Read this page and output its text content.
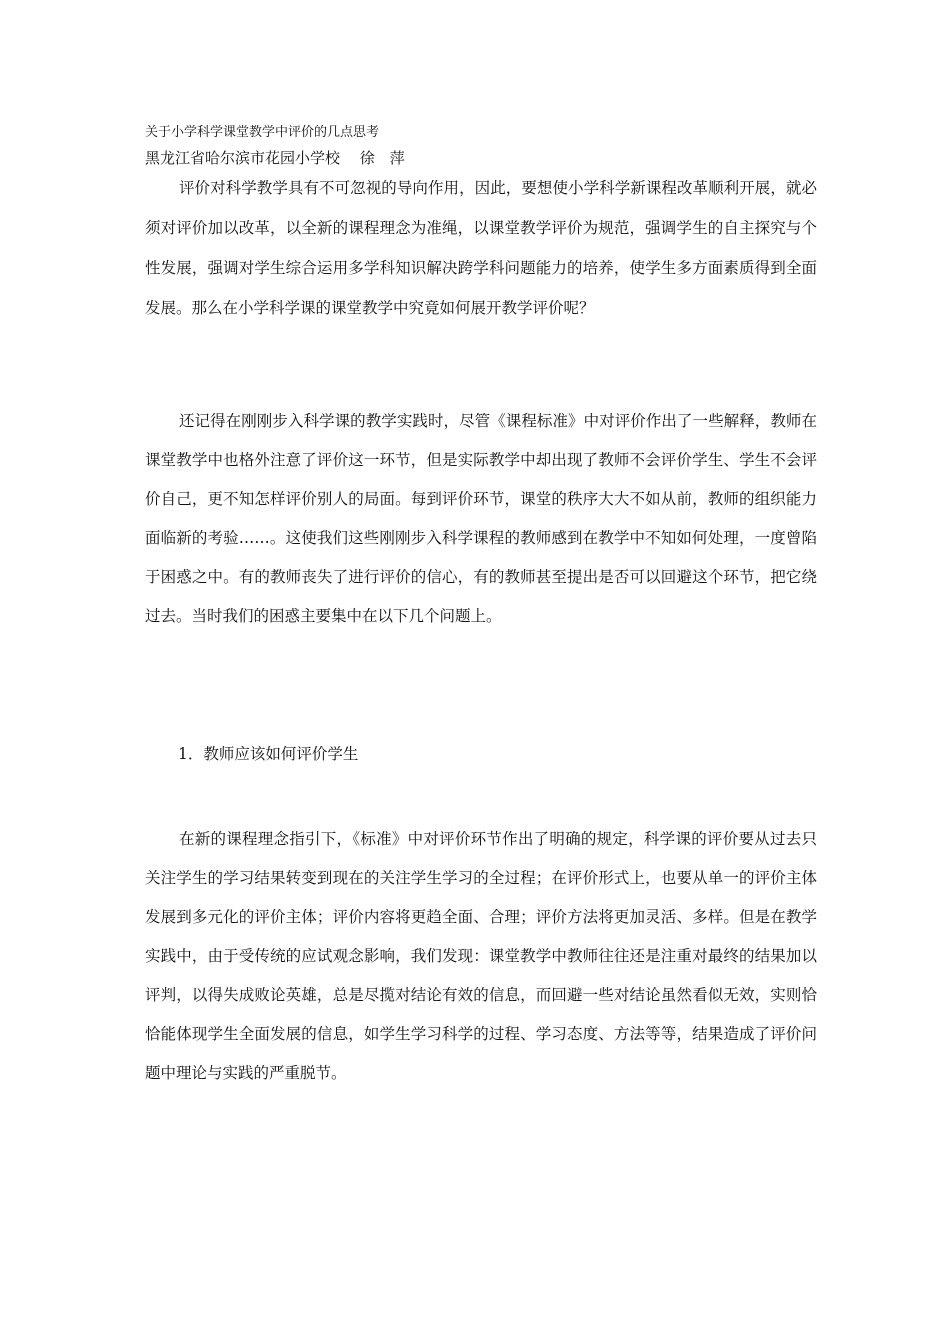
关于小学科学课堂教学中评价的几点思考
黑龙江省哈尔滨市花园小学校　 徐　萍

评价对科学教学具有不可忽视的导向作用，因此，要想使小学科学新课程改革顺利开展，就必须对评价加以改革，以全新的课程理念为准绳，以课堂教学评价为规范，强调学生的自主探究与个性发展，强调对学生综合运用多学科知识解决跨学科问题能力的培养，使学生多方面素质得到全面发展。那么在小学科学课的课堂教学中究竟如何展开教学评价呢？

还记得在刚刚步入科学课的教学实践时，尽管《课程标准》中对评价作出了一些解释，教师在课堂教学中也格外注意了评价这一环节，但是实际教学中却出现了教师不会评价学生、学生不会评价自己，更不知怎样评价别人的局面。每到评价环节，课堂的秩序大大不如从前，教师的组织能力面临新的考验……。这使我们这些刚刚步入科学课程的教师感到在教学中不知如何处理，一度曾陷于困惑之中。有的教师丧失了进行评价的信心，有的教师甚至提出是否可以回避这个环节，把它绕过去。当时我们的困惑主要集中在以下几个问题上。

1．教师应该如何评价学生

在新的课程理念指引下，《标准》中对评价环节作出了明确的规定，科学课的评价要从过去只关注学生的学习结果转变到现在的关注学生学习的全过程；在评价形式上，也要从单一的评价主体发展到多元化的评价主体；评价内容将更趋全面、合理；评价方法将更加灵活、多样。但是在教学实践中，由于受传统的应试观念影响，我们发现：课堂教学中教师往往还是注重对最终的结果加以评判，以得失成败论英雄，总是尽揽对结论有效的信息，而回避一些对结论虽然看似无效，实则恰恰能体现学生全面发展的信息，如学生学习科学的过程、学习态度、方法等等，结果造成了评价问题中理论与实践的严重脱节。
